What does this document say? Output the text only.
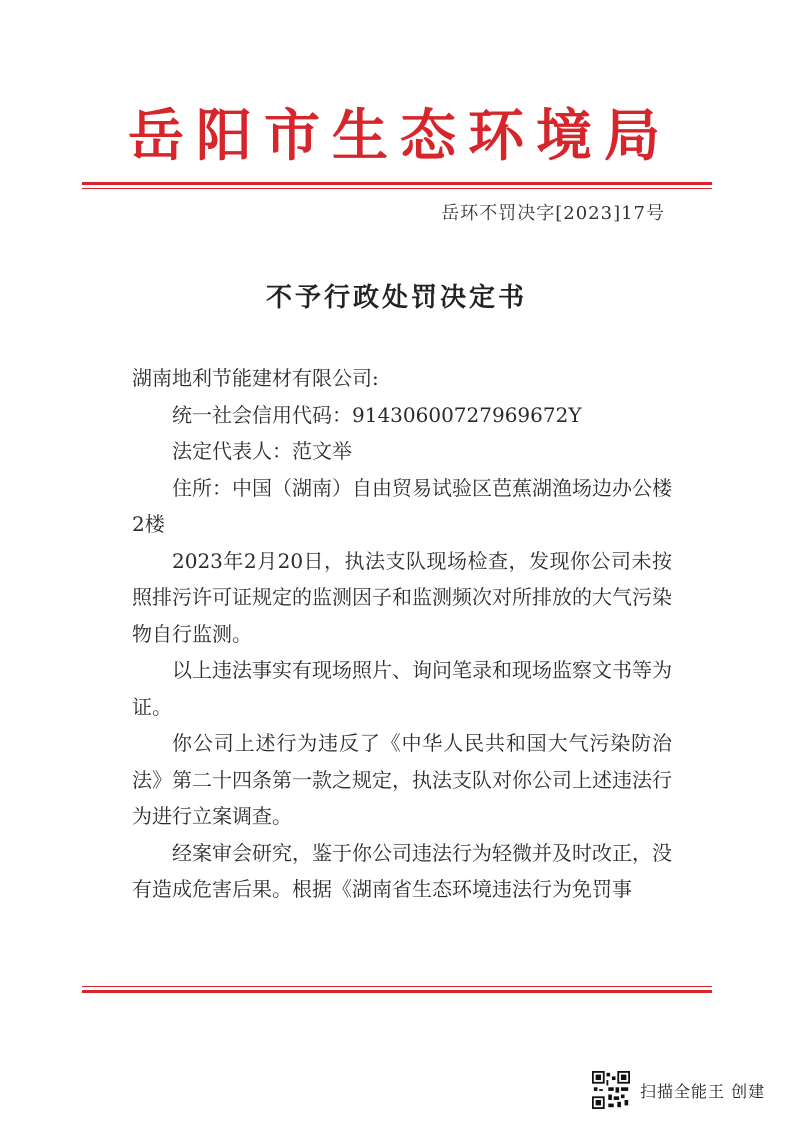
岳阳市生态环境局
岳环不罚决字[2023]17号
不予行政处罚决定书

湖南地利节能建材有限公司:

统一社会信用代码：91430600727969672Y

法定代表人：范文举

住所：中国（湖南）自由贸易试验区芭蕉湖渔场边办公楼2楼

2023年2月20日，执法支队现场检查，发现你公司未按照排污许可证规定的监测因子和监测频次对所排放的大气污染物自行监测。

以上违法事实有现场照片、询问笔录和现场监察文书等为证。

你公司上述行为违反了《中华人民共和国大气污染防治法》第二十四条第一款之规定，执法支队对你公司上述违法行为进行立案调查。

经案审会研究，鉴于你公司违法行为轻微并及时改正，没有造成危害后果。根据《湖南省生态环境违法行为免罚事

扫描全能王 创建
